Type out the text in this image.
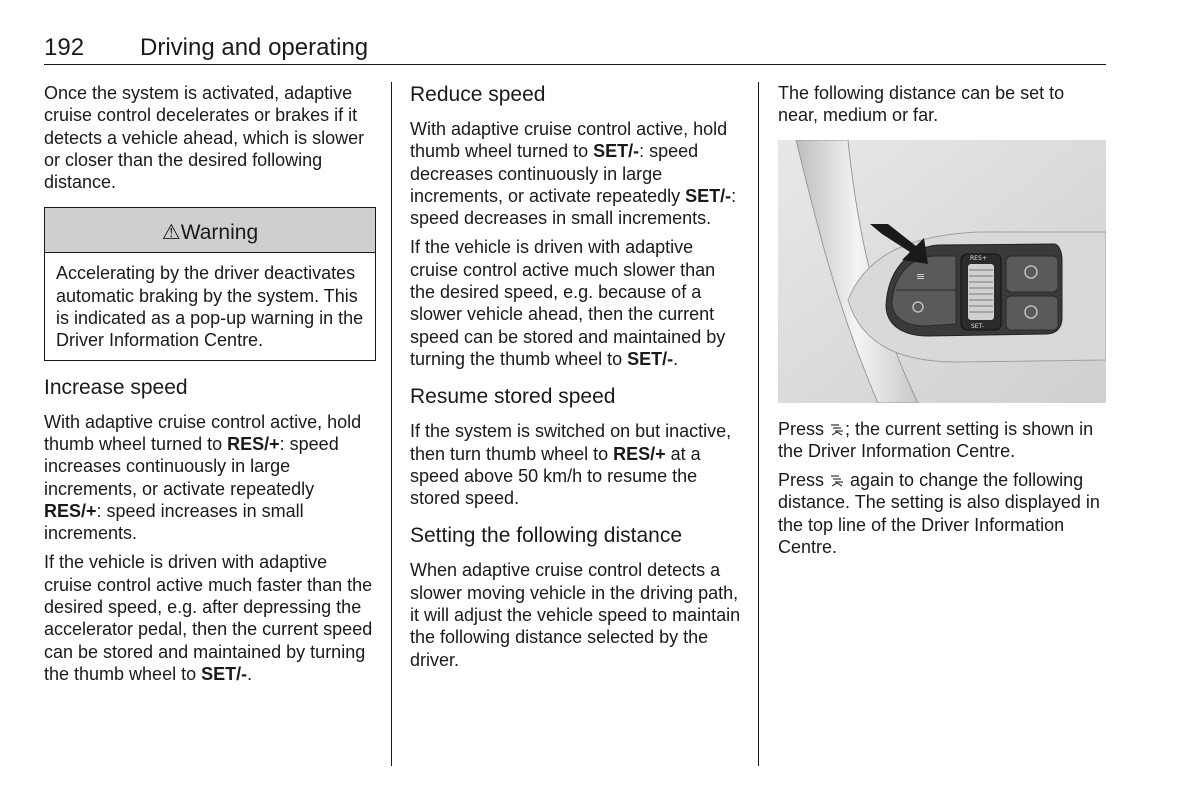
192 Driving and operating

Once the system is activated, adaptive cruise control decelerates or brakes if it detects a vehicle ahead, which is slower or closer than the desired following distance.

⚠Warning
Accelerating by the driver deactivates automatic braking by the system. This is indicated as a pop-up warning in the Driver Information Centre.
Increase speed

With adaptive cruise control active, hold thumb wheel turned to RES/+: speed increases continuously in large increments, or activate repeatedly RES/+: speed increases in small increments.

If the vehicle is driven with adaptive cruise control active much faster than the desired speed, e.g. after depressing the accelerator pedal, then the current speed can be stored and maintained by turning the thumb wheel to SET/-.

Reduce speed

With adaptive cruise control active, hold thumb wheel turned to SET/-: speed decreases continuously in large increments, or activate repeatedly SET/-: speed decreases in small increments.

If the vehicle is driven with adaptive cruise control active much slower than the desired speed, e.g. because of a slower vehicle ahead, then the current speed can be stored and maintained by turning the thumb wheel to SET/-.

Resume stored speed

If the system is switched on but inactive, then turn thumb wheel to RES/+ at a speed above 50 km/h to resume the stored speed.

Setting the following distance

When adaptive cruise control detects a slower moving vehicle in the driving path, it will adjust the vehicle speed to maintain the following distance selected by the driver.

The following distance can be set to near, medium or far.

≡
RES+
SET-

Press ; the current setting is shown in the Driver Information Centre.

Press  again to change the following distance. The setting is also displayed in the top line of the Driver Information Centre.
